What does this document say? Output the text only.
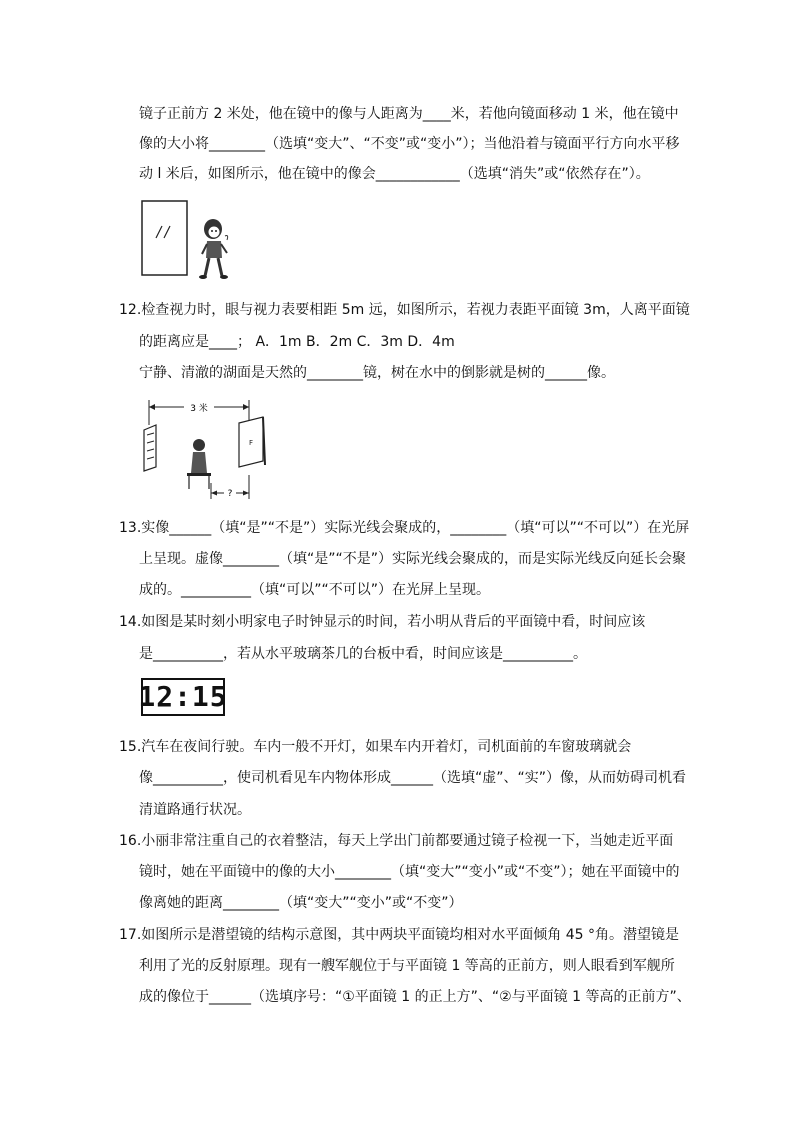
镜子正前方 2 米处，他在镜中的像与人距离为____米，若他向镜面移动 1 米，他在镜中
像的大小将________（选填“变大”、“不变”或“变小”）；当他沿着与镜面平行方向水平移
动 l 米后，如图所示，他在镜中的像会____________（选填“消失”或“依然存在”）。
12.检查视力时，眼与视力表要相距 5m 远，如图所示，若视力表距平面镜 3m，人离平面镜
的距离应是____； A．1m B．2m C．3m D．4m
宁静、清澈的湖面是天然的________镜，树在水中的倒影就是树的______像。
3 米
F
?
13.实像______（填“是”“不是”）实际光线会聚成的，________（填“可以”“不可以”）在光屏
上呈现。虚像________（填“是”“不是”）实际光线会聚成的，而是实际光线反向延长会聚
成的。__________（填“可以”“不可以”）在光屏上呈现。
14.如图是某时刻小明家电子时钟显示的时间，若小明从背后的平面镜中看，时间应该
是__________，若从水平玻璃茶几的台板中看，时间应该是__________。
12:15
15.汽车在夜间行驶。车内一般不开灯，如果车内开着灯，司机面前的车窗玻璃就会
像__________，使司机看见车内物体形成______（选填“虚”、“实”）像，从而妨碍司机看
清道路通行状况。
16.小丽非常注重自己的衣着整洁，每天上学出门前都要通过镜子检视一下，当她走近平面
镜时，她在平面镜中的像的大小________（填“变大”“变小”或“不变”）；她在平面镜中的
像离她的距离________（填“变大”“变小”或“不变”）
17.如图所示是潜望镜的结构示意图，其中两块平面镜均相对水平面倾角 45 °角。潜望镜是
利用了光的反射原理。现有一艘军舰位于与平面镜 1 等高的正前方，则人眼看到军舰所
成的像位于______（选填序号：“①平面镜 1 的正上方”、“②与平面镜 1 等高的正前方”、
